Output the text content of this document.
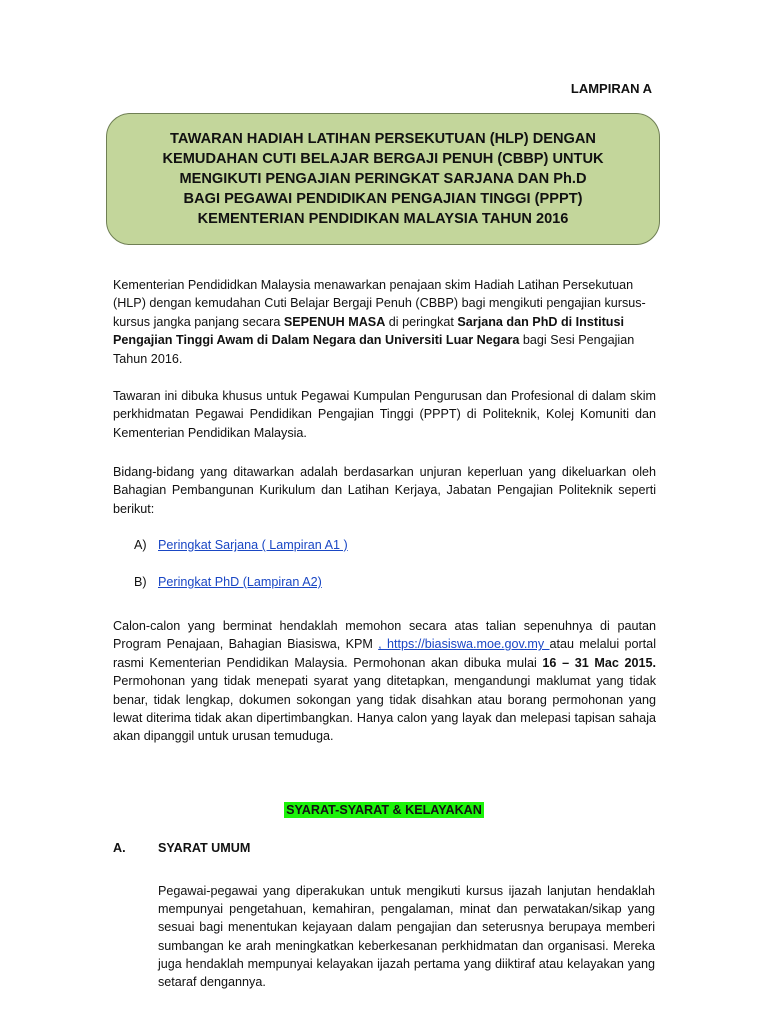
LAMPIRAN A
TAWARAN HADIAH LATIHAN PERSEKUTUAN (HLP) DENGAN
KEMUDAHAN CUTI BELAJAR BERGAJI PENUH (CBBP) UNTUK
MENGIKUTI PENGAJIAN PERINGKAT SARJANA DAN Ph.D
BAGI PEGAWAI PENDIDIKAN PENGAJIAN TINGGI (PPPT)
KEMENTERIAN PENDIDIKAN MALAYSIA TAHUN 2016

Kementerian Pendididkan Malaysia menawarkan penajaan skim Hadiah Latihan Persekutuan (HLP) dengan kemudahan Cuti Belajar Bergaji Penuh (CBBP) bagi mengikuti pengajian kursus-kursus jangka panjang secara SEPENUH MASA di peringkat Sarjana dan PhD di Institusi Pengajian Tinggi Awam di Dalam Negara dan Universiti Luar Negara bagi Sesi Pengajian Tahun 2016.

Tawaran ini dibuka khusus untuk Pegawai Kumpulan Pengurusan dan Profesional di dalam skim perkhidmatan Pegawai Pendidikan Pengajian Tinggi (PPPT) di Politeknik, Kolej Komuniti dan Kementerian Pendidikan Malaysia.

Bidang-bidang yang ditawarkan adalah berdasarkan unjuran keperluan yang dikeluarkan oleh Bahagian Pembangunan Kurikulum dan Latihan Kerjaya, Jabatan Pengajian Politeknik seperti berikut:

A) Peringkat Sarjana ( Lampiran A1 )
B) Peringkat PhD (Lampiran A2)

Calon-calon yang berminat hendaklah memohon secara atas talian sepenuhnya di pautan Program Penajaan, Bahagian Biasiswa, KPM , https://biasiswa.moe.gov.my atau melalui portal rasmi Kementerian Pendidikan Malaysia. Permohonan akan dibuka mulai 16 – 31 Mac 2015. Permohonan yang tidak menepati syarat yang ditetapkan, mengandungi maklumat yang tidak benar, tidak lengkap, dokumen sokongan yang tidak disahkan atau borang permohonan yang lewat diterima tidak akan dipertimbangkan. Hanya calon yang layak dan melepasi tapisan sahaja akan dipanggil untuk urusan temuduga.

SYARAT-SYARAT & KELAYAKAN
A.	SYARAT UMUM

Pegawai-pegawai yang diperakukan untuk mengikuti kursus ijazah lanjutan hendaklah mempunyai pengetahuan, kemahiran, pengalaman, minat dan perwatakan/sikap yang sesuai bagi menentukan kejayaan dalam pengajian dan seterusnya berupaya memberi sumbangan ke arah meningkatkan keberkesanan perkhidmatan dan organisasi. Mereka juga hendaklah mempunyai kelayakan ijazah pertama yang diiktiraf atau kelayakan yang setaraf dengannya.
